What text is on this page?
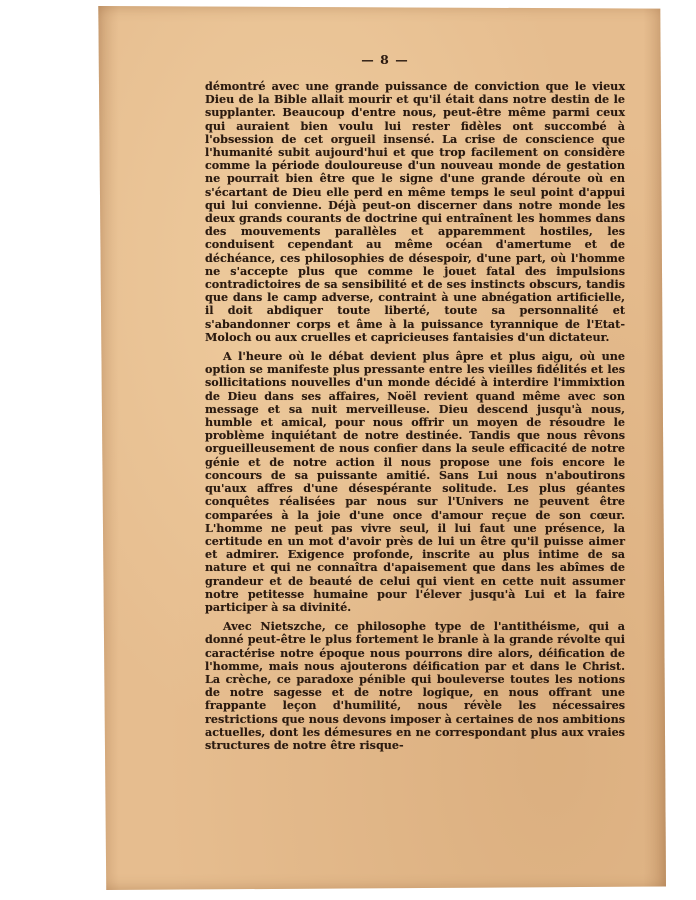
— 8 —

démontré avec une grande puissance de conviction que le vieux Dieu de la Bible allait mourir et qu'il était dans notre destin de le supplanter. Beaucoup d'entre nous, peut-être même parmi ceux qui auraient bien voulu lui rester fidèles ont succombé à l'obsession de cet orgueil insensé. La crise de conscience que l'humanité subit aujourd'hui et que trop facilement on considère comme la période douloureuse d'un nouveau monde de gestation ne pourrait bien être que le signe d'une grande déroute où en s'écartant de Dieu elle perd en même temps le seul point d'appui qui lui convienne. Déjà peut-on discerner dans notre monde les deux grands courants de doctrine qui entraînent les hommes dans des mouvements parallèles et apparemment hostiles, les conduisent cependant au même océan d'amertume et de déchéance, ces philosophies de désespoir, d'une part, où l'homme ne s'accepte plus que comme le jouet fatal des impulsions contradictoires de sa sensibilité et de ses instincts obscurs, tandis que dans le camp adverse, contraint à une abnégation artificielle, il doit abdiquer toute liberté, toute sa personnalité et s'abandonner corps et âme à la puissance tyrannique de l'Etat-Moloch ou aux cruelles et capricieuses fantaisies d'un dictateur.

A l'heure où le débat devient plus âpre et plus aigu, où une option se manifeste plus pressante entre les vieilles fidélités et les sollicitations nouvelles d'un monde décidé à interdire l'immixtion de Dieu dans ses affaires, Noël revient quand même avec son message et sa nuit merveilleuse. Dieu descend jusqu'à nous, humble et amical, pour nous offrir un moyen de résoudre le problème inquiétant de notre destinée. Tandis que nous rêvons orgueilleusement de nous confier dans la seule efficacité de notre génie et de notre action il nous propose une fois encore le concours de sa puissante amitié. Sans Lui nous n'aboutirons qu'aux affres d'une désespérante solitude. Les plus géantes conquêtes réalisées par nous sur l'Univers ne peuvent être comparées à la joie d'une once d'amour reçue de son cœur. L'homme ne peut pas vivre seul, il lui faut une présence, la certitude en un mot d'avoir près de lui un être qu'il puisse aimer et admirer. Exigence profonde, inscrite au plus intime de sa nature et qui ne connaîtra d'apaisement que dans les abîmes de grandeur et de beauté de celui qui vient en cette nuit assumer notre petitesse humaine pour l'élever jusqu'à Lui et la faire participer à sa divinité.

Avec Nietszche, ce philosophe type de l'antithéisme, qui a donné peut-être le plus fortement le branle à la grande révolte qui caractérise notre époque nous pourrons dire alors, déification de l'homme, mais nous ajouterons déification par et dans le Christ. La crèche, ce paradoxe pénible qui bouleverse toutes les notions de notre sagesse et de notre logique, en nous offrant une frappante leçon d'humilité, nous révèle les nécessaires restrictions que nous devons imposer à certaines de nos ambitions actuelles, dont les démesures en ne correspondant plus aux vraies structures de notre être risque-
